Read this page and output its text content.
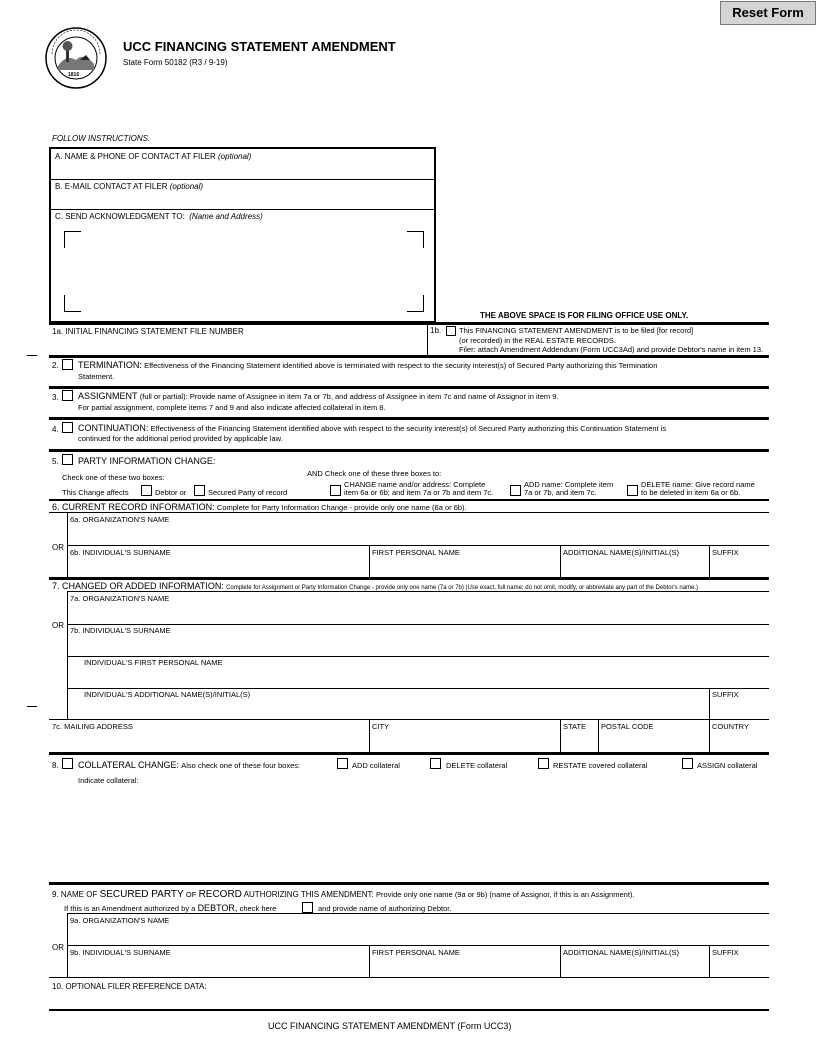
Reset Form
1816
UCC FINANCING STATEMENT AMENDMENT
State Form 50182 (R3 / 9-19)
FOLLOW INSTRUCTIONS.
A. NAME & PHONE OF CONTACT AT FILER (optional)
B. E-MAIL CONTACT AT FILER (optional)
C. SEND ACKNOWLEDGMENT TO: (Name and Address)
THE ABOVE SPACE IS FOR FILING OFFICE USE ONLY.
1a. INITIAL FINANCING STATEMENT FILE NUMBER	1b. This FINANCING STATEMENT AMENDMENT is to be filed [for record]
(or recorded) in the REAL ESTATE RECORDS.
Filer: attach Amendment Addendum (Form UCC3Ad) and provide Debtor's name in item 13.
2. TERMINATION: Effectiveness of the Financing Statement identified above is terminated with respect to the security interest(s) of Secured Party authorizing this Termination
Statement.
3. ASSIGNMENT (full or partial): Provide name of Assignee in item 7a or 7b, and address of Assignee in item 7c and name of Assignor in item 9.
For partial assignment, complete items 7 and 9 and also indicate affected collateral in item 8.
4. CONTINUATION: Effectiveness of the Financing Statement identified above with respect to the security interest(s) of Secured Party authorizing this Continuation Statement is
continued for the additional period provided by applicable law.
5. PARTY INFORMATION CHANGE:
Check one of these two boxes:
This Change affects	Debtor or	Secured Party of record
AND Check one of these three boxes to:
CHANGE name and/or address: Complete
item 6a or 6b; and item 7a or 7b and item 7c.
ADD name: Complete item
7a or 7b, and item 7c.
DELETE name: Give record name
to be deleted in item 6a or 6b.
6. CURRENT RECORD INFORMATION: Complete for Party Information Change - provide only one name (6a or 6b).
6a. ORGANIZATION'S NAME
OR
6b. INDIVIDUAL'S SURNAME	FIRST PERSONAL NAME	ADDITIONAL NAME(S)/INITIAL(S)	SUFFIX
7. CHANGED OR ADDED INFORMATION: Complete for Assignment or Party Information Change - provide only one name (7a or 7b) (Use exact, full name; do not omit, modify, or abbreviate any part of the Debtor's name.)
7a. ORGANIZATION'S NAME
OR
7b. INDIVIDUAL'S SURNAME
INDIVIDUAL'S FIRST PERSONAL NAME
INDIVIDUAL'S ADDITIONAL NAME(S)/INITIAL(S)	SUFFIX
7c. MAILING ADDRESS	CITY	STATE POSTAL CODE	COUNTRY
8. COLLATERAL CHANGE: Also check one of these four boxes:	ADD collateral	DELETE collateral	RESTATE covered collateral	ASSIGN collateral
Indicate collateral:
9. NAME OF SECURED PARTY OF RECORD AUTHORIZING THIS AMENDMENT: Provide only one name (9a or 9b) (name of Assignor, if this is an Assignment).
If this is an Amendment authorized by a DEBTOR, check here	and provide name of authorizing Debtor.
9a. ORGANIZATION'S NAME
OR
9b. INDIVIDUAL'S SURNAME	FIRST PERSONAL NAME	ADDITIONAL NAME(S)/INITIAL(S)	SUFFIX
10. OPTIONAL FILER REFERENCE DATA:
UCC FINANCING STATEMENT AMENDMENT (Form UCC3)
